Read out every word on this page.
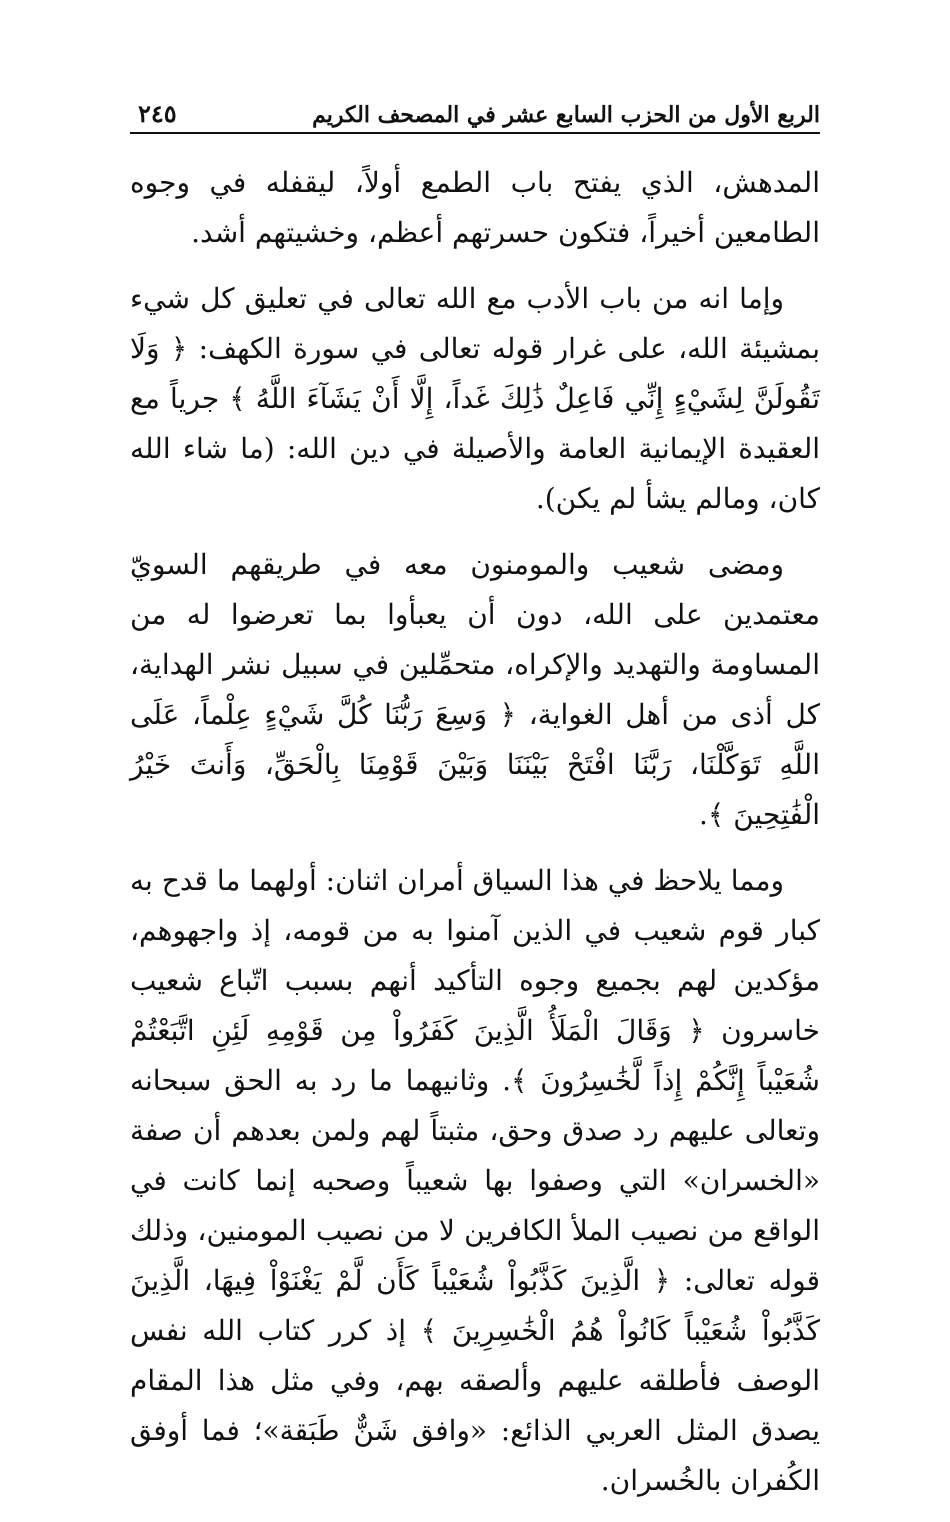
الربع الأول من الحزب السابع عشر في المصحف الكريم
٢٤٥

المدهش، الذي يفتح باب الطمع أولاً، ليقفله في وجوه الطامعين أخيراً، فتكون حسرتهم أعظم، وخشيتهم أشد.

وإما انه من باب الأدب مع الله تعالى في تعليق كل شيء بمشيئة الله، على غرار قوله تعالى في سورة الكهف: ﴿ وَلَا تَقُولَنَّ لِشَيْءٍ إِنِّي فَاعِلٌ ذَٰلِكَ غَداً، إِلَّا أَنْ يَشَآءَ اللَّهُ ﴾ جرياً مع العقيدة الإيمانية العامة والأصيلة في دين الله: (ما شاء الله كان، ومالم يشأ لم يكن).

ومضى شعيب والمومنون معه في طريقهم السويّ معتمدين على الله، دون أن يعبأوا بما تعرضوا له من المساومة والتهديد والإكراه، متحمِّلين في سبيل نشر الهداية، كل أذى من أهل الغواية، ﴿ وَسِعَ رَبُّنَا كُلَّ شَيْءٍ عِلْماً، عَلَى اللَّهِ تَوَكَّلْنَا، رَبَّنَا افْتَحْ بَيْنَنَا وَبَيْنَ قَوْمِنَا بِالْحَقِّ، وَأَنتَ خَيْرُ الْفَٰتِحِينَ ﴾.

ومما يلاحظ في هذا السياق أمران اثنان: أولهما ما قدح به كبار قوم شعيب في الذين آمنوا به من قومه، إذ واجهوهم، مؤكدين لهم بجميع وجوه التأكيد أنهم بسبب اتّباع شعيب خاسرون ﴿ وَقَالَ الْمَلَأُ الَّذِينَ كَفَرُواْ مِن قَوْمِهِ لَئِنِ اتَّبَعْتُمْ شُعَيْباً إِنَّكُمْ إِذاً لَّخَٰسِرُونَ ﴾. وثانيهما ما رد به الحق سبحانه وتعالى عليهم رد صدق وحق، مثبتاً لهم ولمن بعدهم أن صفة «الخسران» التي وصفوا بها شعيباً وصحبه إنما كانت في الواقع من نصيب الملأ الكافرين لا من نصيب المومنين، وذلك قوله تعالى: ﴿ الَّذِينَ كَذَّبُواْ شُعَيْباً كَأَن لَّمْ يَغْنَوْاْ فِيهَا، الَّذِينَ كَذَّبُواْ شُعَيْباً كَانُواْ هُمُ الْخَٰسِرِينَ ﴾ إذ كرر كتاب الله نفس الوصف فأطلقه عليهم وألصقه بهم، وفي مثل هذا المقام يصدق المثل العربي الذائع: «وافق شَنٌّ طَبَقة»؛ فما أوفق الكُفران بالخُسران.
